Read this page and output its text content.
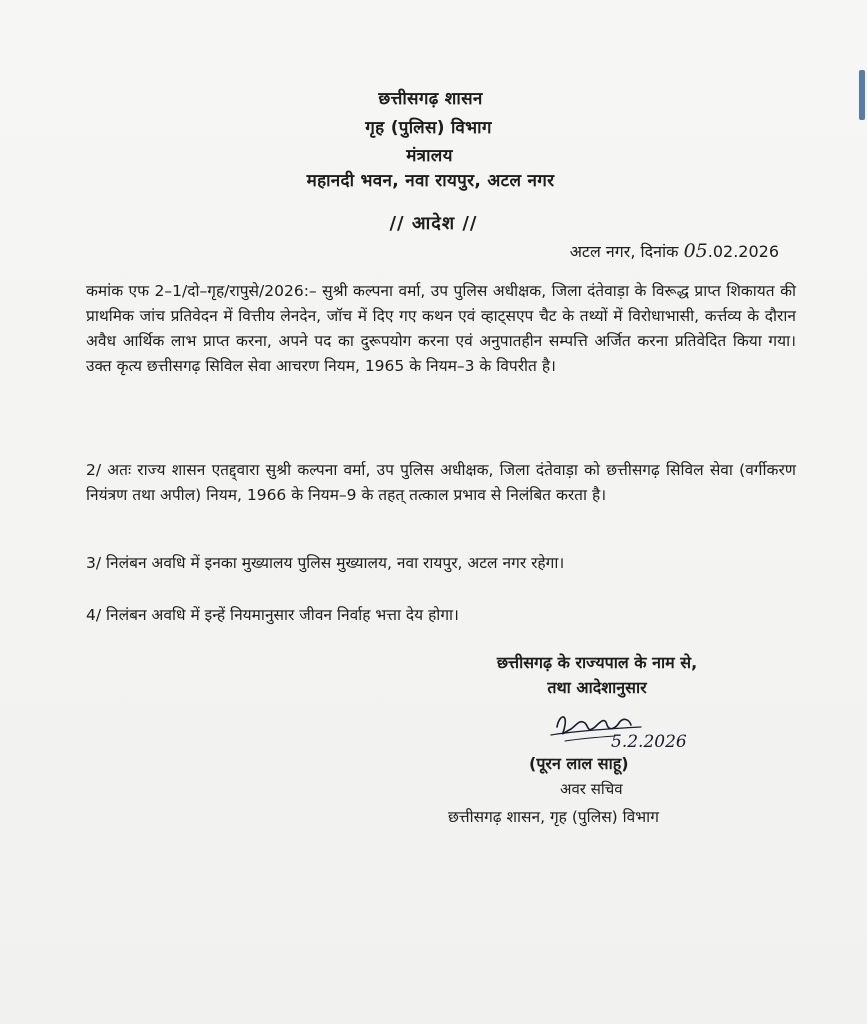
छत्तीसगढ़ शासन
गृह (पुलिस) विभाग
मंत्रालय
महानदी भवन, नवा रायपुर, अटल नगर
// आदेश //
अटल नगर, दिनांक 05.02.2026
कमांक एफ 2–1/दो–गृह/रापुसे/2026:– सुश्री कल्पना वर्मा, उप पुलिस अधीक्षक, जिला दंतेवाड़ा के विरूद्ध प्राप्त शिकायत की प्राथमिक जांच प्रतिवेदन में वित्तीय लेनदेन, जॉच में दिए गए कथन एवं व्हाट्सएप चैट के तथ्यों में विरोधाभासी, कर्त्तव्य के दौरान अवैध आर्थिक लाभ प्राप्त करना, अपने पद का दुरूपयोग करना एवं अनुपातहीन सम्पत्ति अर्जित करना प्रतिवेदित किया गया। उक्त कृत्य छत्तीसगढ़ सिविल सेवा आचरण नियम, 1965 के नियम–3 के विपरीत है।
2/ अतः राज्य शासन एतद्द्वारा सुश्री कल्पना वर्मा, उप पुलिस अधीक्षक, जिला दंतेवाड़ा को छत्तीसगढ़ सिविल सेवा (वर्गीकरण नियंत्रण तथा अपील) नियम, 1966 के नियम–9 के तहत् तत्काल प्रभाव से निलंबित करता है।
3/ निलंबन अवधि में इनका मुख्यालय पुलिस मुख्यालय, नवा रायपुर, अटल नगर रहेगा।
4/ निलंबन अवधि में इन्हें नियमानुसार जीवन निर्वाह भत्ता देय होगा।
छत्तीसगढ़ के राज्यपाल के नाम से,
तथा आदेशानुसार
5.2.2026
(पूरन लाल साहू)
अवर सचिव
छत्तीसगढ़ शासन, गृह (पुलिस) विभाग
